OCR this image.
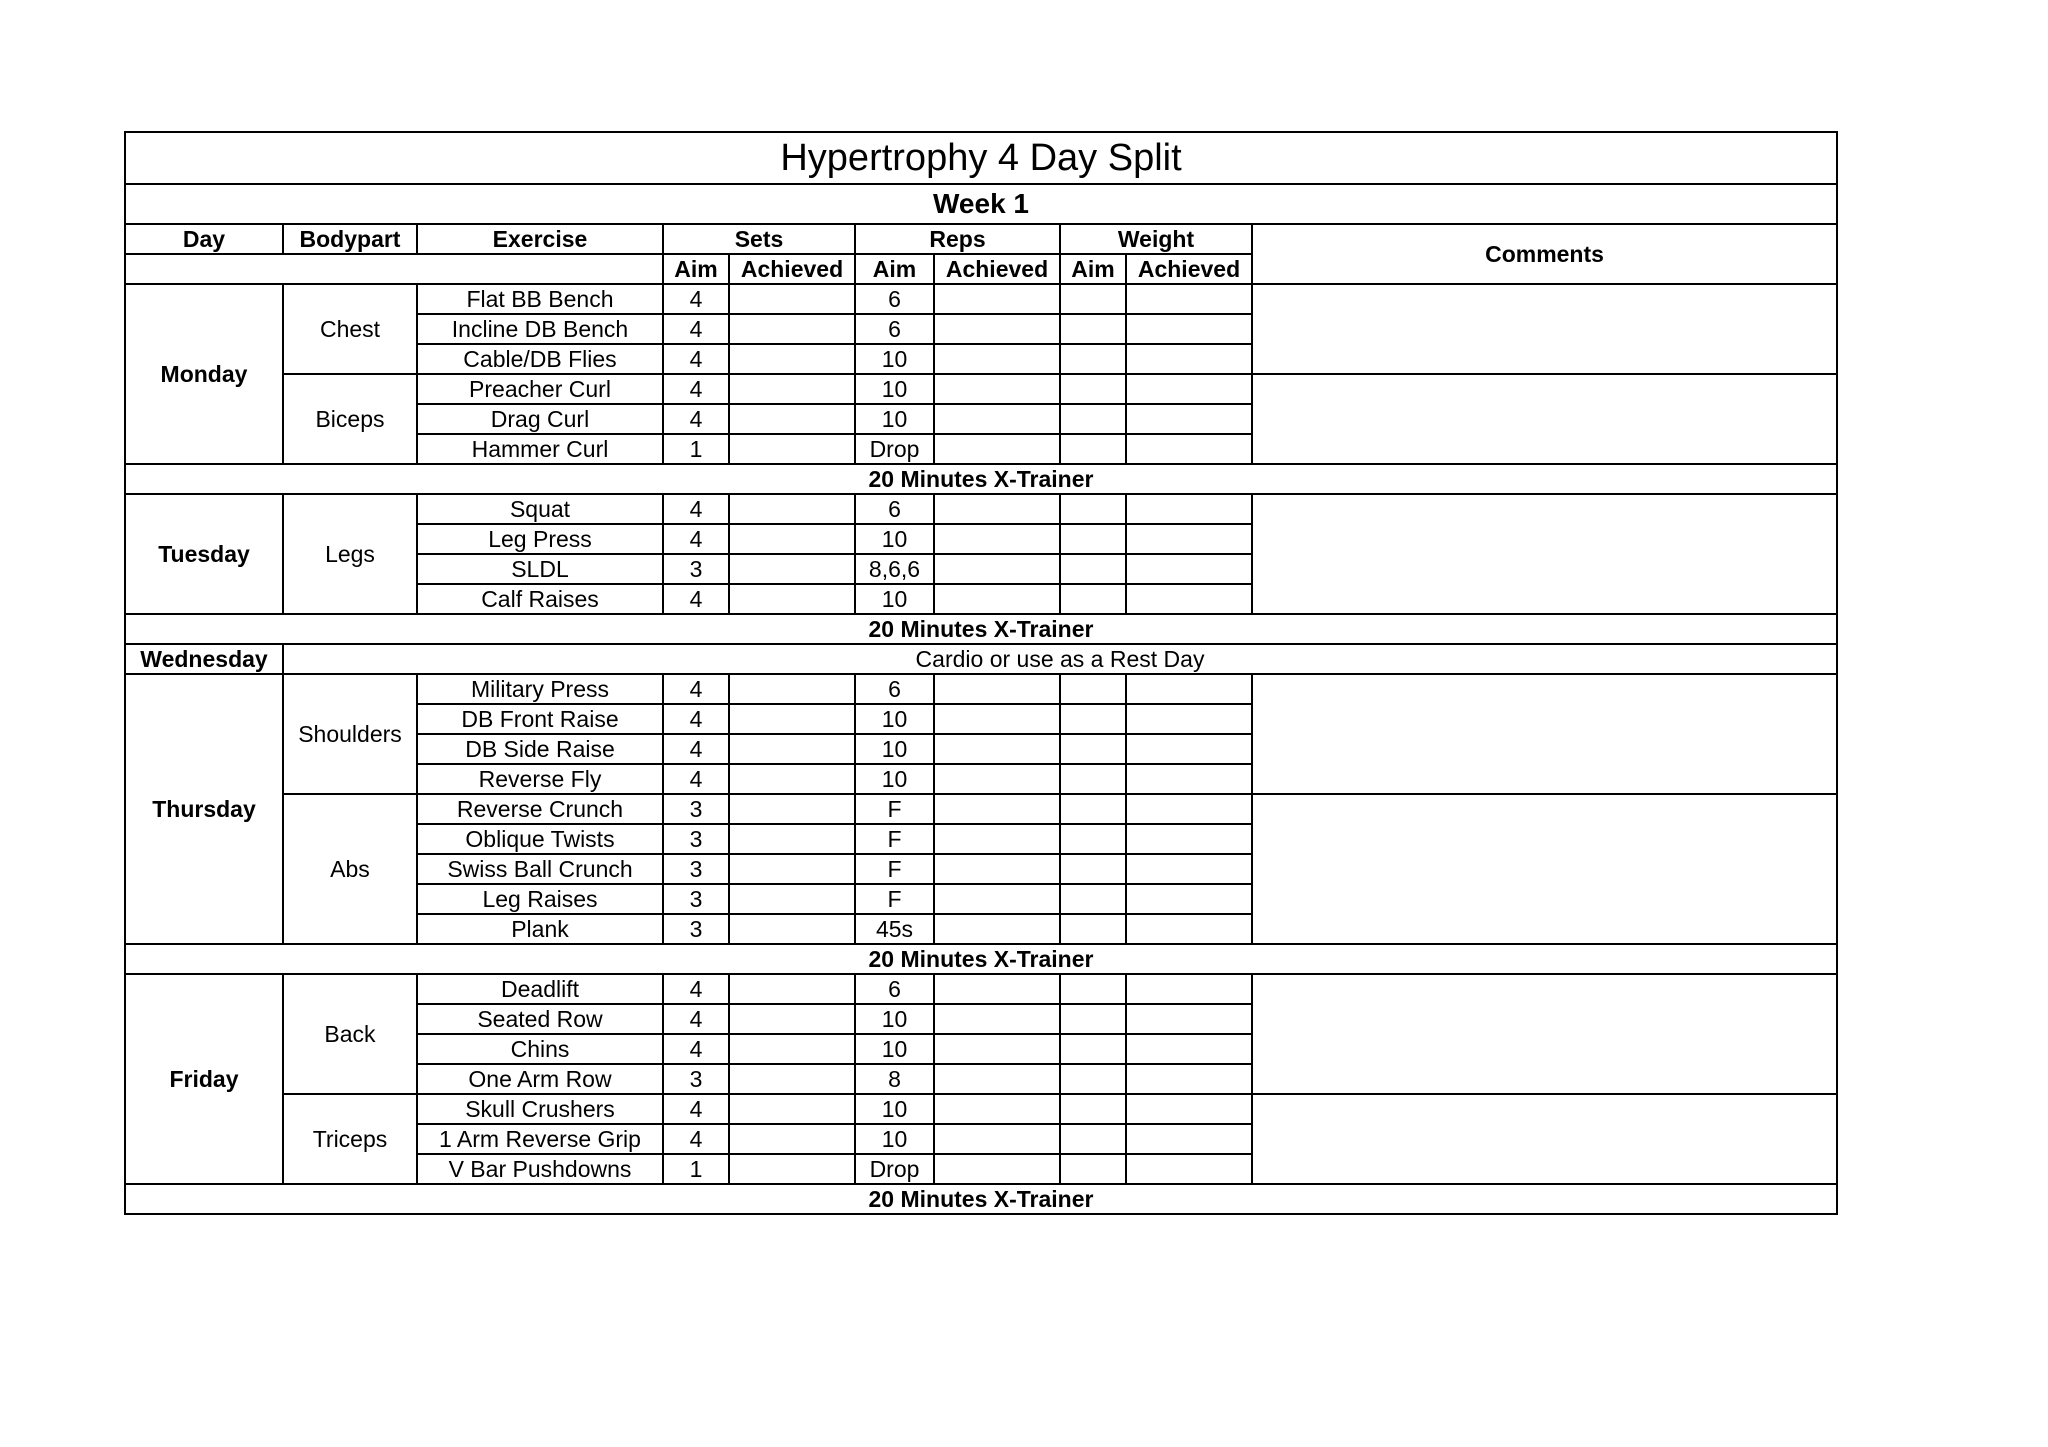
Hypertrophy 4 Day Split									
Week 1									
Day	Bodypart	Exercise	Sets		Reps		Weight		Comments
			Aim	Achieved	Aim	Achieved	Aim	Achieved	
Monday	Chest	Flat BB Bench	4		6				
		Incline DB Bench	4		6				
		Cable/DB Flies	4		10				
	Biceps	Preacher Curl	4		10				
		Drag Curl	4		10				
		Hammer Curl	1		Drop				
20 Minutes X-Trainer									
Tuesday	Legs	Squat	4		6				
		Leg Press	4		10				
		SLDL	3		8,6,6				
		Calf Raises	4		10				
20 Minutes X-Trainer									
Wednesday	Cardio or use as a Rest Day								
Thursday	Shoulders	Military Press	4		6				
		DB Front Raise	4		10				
		DB Side Raise	4		10				
		Reverse Fly	4		10				
	Abs	Reverse Crunch	3		F				
		Oblique Twists	3		F				
		Swiss Ball Crunch	3		F				
		Leg Raises	3		F				
		Plank	3		45s				
20 Minutes X-Trainer									
Friday	Back	Deadlift	4		6				
		Seated Row	4		10				
		Chins	4		10				
		One Arm Row	3		8				
	Triceps	Skull Crushers	4		10				
		1 Arm Reverse Grip	4		10				
		V Bar Pushdowns	1		Drop				
20 Minutes X-Trainer									
